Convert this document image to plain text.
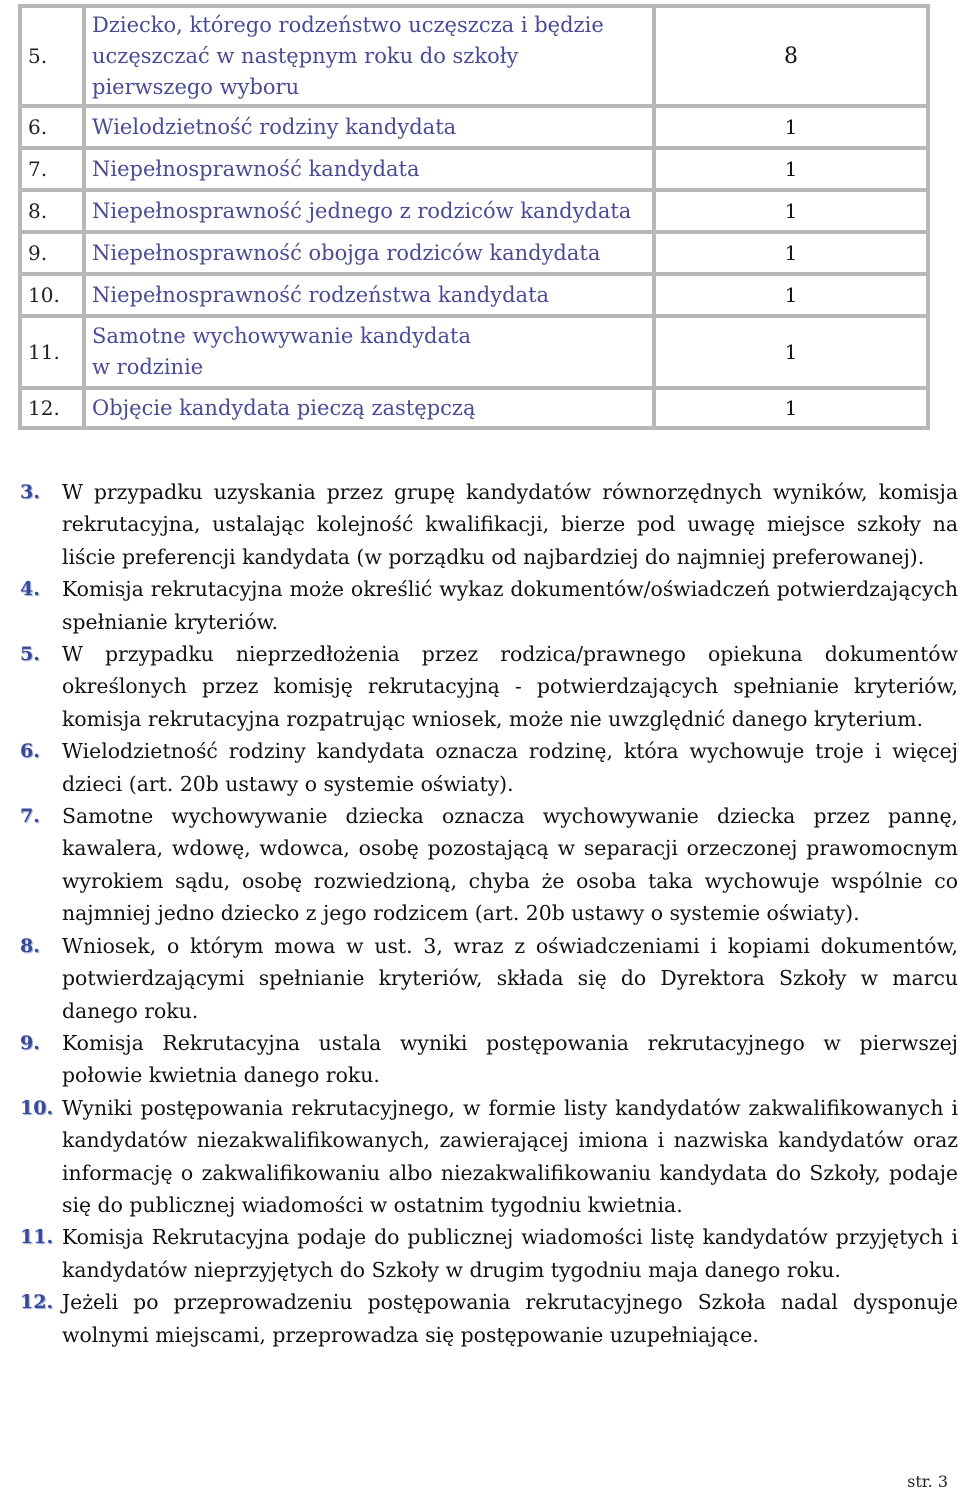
5.	Dziecko, którego rodzeństwo uczęszcza i będzie uczęszczać w następnym roku do szkoły pierwszego wyboru	8
6.	Wielodzietność rodziny kandydata	1
7.	Niepełnosprawność kandydata	1
8.	Niepełnosprawność jednego z rodziców kandydata	1
9.	Niepełnosprawność obojga rodziców kandydata	1
10.	Niepełnosprawność rodzeństwa kandydata	1
11.	Samotne wychowywanie kandydata w rodzinie	1
12.	Objęcie kandydata pieczą zastępczą	1
3.	W przypadku uzyskania przez grupę kandydatów równorzędnych wyników, komisja rekrutacyjna, ustalając kolejność kwalifikacji, bierze pod uwagę miejsce szkoły na liście preferencji kandydata (w porządku od najbardziej do najmniej preferowanej).
4.	Komisja rekrutacyjna może określić wykaz dokumentów/oświadczeń potwierdzających spełnianie kryteriów.
5.	W przypadku nieprzedłożenia przez rodzica/prawnego opiekuna dokumentów określonych przez komisję rekrutacyjną - potwierdzających spełnianie kryteriów, komisja rekrutacyjna rozpatrując wniosek, może nie uwzględnić danego kryterium.
6.	Wielodzietność rodziny kandydata oznacza rodzinę, która wychowuje troje i więcej dzieci (art. 20b ustawy o systemie oświaty).
7.	Samotne wychowywanie dziecka oznacza wychowywanie dziecka przez pannę, kawalera, wdowę, wdowca, osobę pozostającą w separacji orzeczonej prawomocnym wyrokiem sądu, osobę rozwiedzioną, chyba że osoba taka wychowuje wspólnie co najmniej jedno dziecko z jego rodzicem (art. 20b ustawy o systemie oświaty).
8.	Wniosek, o którym mowa w ust. 3, wraz z oświadczeniami i kopiami dokumentów, potwierdzającymi spełnianie kryteriów, składa się do Dyrektora Szkoły w marcu danego roku.
9.	Komisja Rekrutacyjna ustala wyniki postępowania rekrutacyjnego w pierwszej połowie kwietnia danego roku.
10. Wyniki postępowania rekrutacyjnego, w formie listy kandydatów zakwalifikowanych i kandydatów niezakwalifikowanych, zawierającej imiona i nazwiska kandydatów oraz informację o zakwalifikowaniu albo niezakwalifikowaniu kandydata do Szkoły, podaje się do publicznej wiadomości w ostatnim tygodniu kwietnia.
11. Komisja Rekrutacyjna podaje do publicznej wiadomości listę kandydatów przyjętych i kandydatów nieprzyjętych do Szkoły w drugim tygodniu maja danego roku.
12. Jeżeli po przeprowadzeniu postępowania rekrutacyjnego Szkoła nadal dysponuje wolnymi miejscami, przeprowadza się postępowanie uzupełniające.
str. 3
